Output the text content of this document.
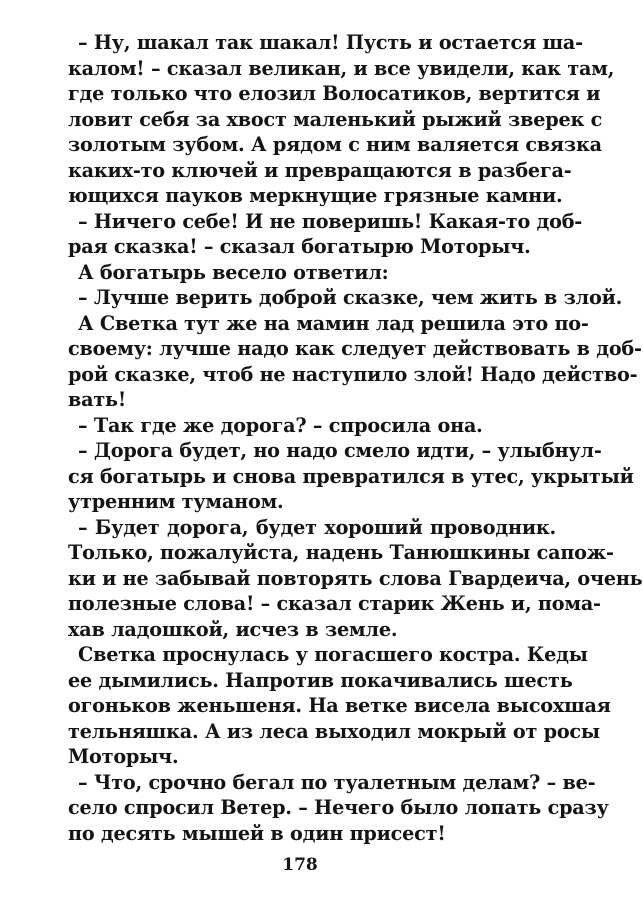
– Ну, шакал так шакал! Пусть и остается ша-
калом! – сказал великан, и все увидели, как там,
где только что елозил Волосатиков, вертится и
ловит себя за хвост маленький рыжий зверек с
золотым зубом. А рядом с ним валяется связка
каких-то ключей и превращаются в разбега-
ющихся пауков меркнущие грязные камни.
– Ничего себе! И не поверишь! Какая-то доб-
рая сказка! – сказал богатырю Моторыч.
А богатырь весело ответил:
– Лучше верить доброй сказке, чем жить в злой.
А Светка тут же на мамин лад решила это по-
своему: лучше надо как следует действовать в доб-
рой сказке, чтоб не наступило злой! Надо действо-
вать!
– Так где же дорога? – спросила она.
– Дорога будет, но надо смело идти, – улыбнул-
ся богатырь и снова превратился в утес, укрытый
утренним туманом.
– Будет дорога, будет хороший проводник.
Только, пожалуйста, надень Танюшкины сапож-
ки и не забывай повторять слова Гвардеича, очень
полезные слова! – сказал старик Жень и, пома-
хав ладошкой, исчез в земле.
Светка проснулась у погасшего костра. Кеды
ее дымились. Напротив покачивались шесть
огоньков женьшеня. На ветке висела высохшая
тельняшка. А из леса выходил мокрый от росы
Моторыч.
– Что, срочно бегал по туалетным делам? – ве-
село спросил Ветер. – Нечего было лопать сразу
по десять мышей в один присест!
178
